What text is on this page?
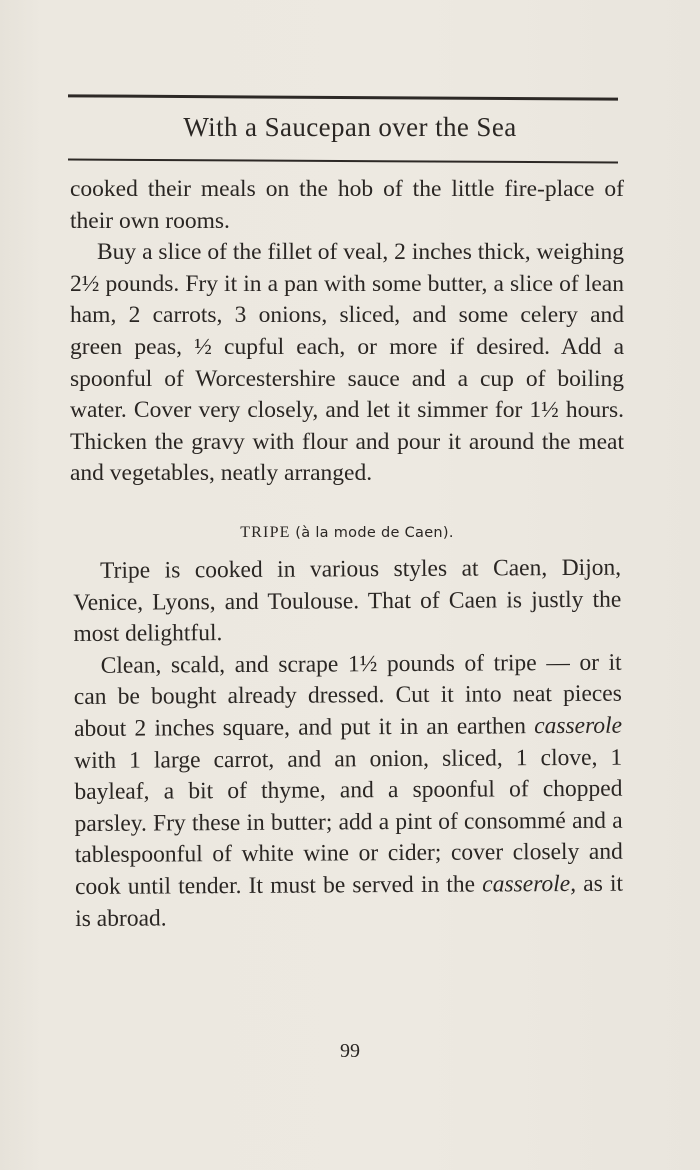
With a Saucepan over the Sea

cooked their meals on the hob of the little fire-place of their own rooms.

Buy a slice of the fillet of veal, 2 inches thick, weighing 2½ pounds. Fry it in a pan with some butter, a slice of lean ham, 2 carrots, 3 onions, sliced, and some celery and green peas, ½ cupful each, or more if desired. Add a spoonful of Worcestershire sauce and a cup of boiling water. Cover very closely, and let it simmer for 1½ hours. Thicken the gravy with flour and pour it around the meat and vegetables, neatly arranged.

TRIPE (à la mode de Caen).

Tripe is cooked in various styles at Caen, Dijon, Venice, Lyons, and Toulouse. That of Caen is justly the most delightful.

Clean, scald, and scrape 1½ pounds of tripe — or it can be bought already dressed. Cut it into neat pieces about 2 inches square, and put it in an earthen casserole with 1 large carrot, and an onion, sliced, 1 clove, 1 bayleaf, a bit of thyme, and a spoonful of chopped parsley. Fry these in butter; add a pint of consommé and a tablespoonful of white wine or cider; cover closely and cook until tender. It must be served in the casserole, as it is abroad.

99
